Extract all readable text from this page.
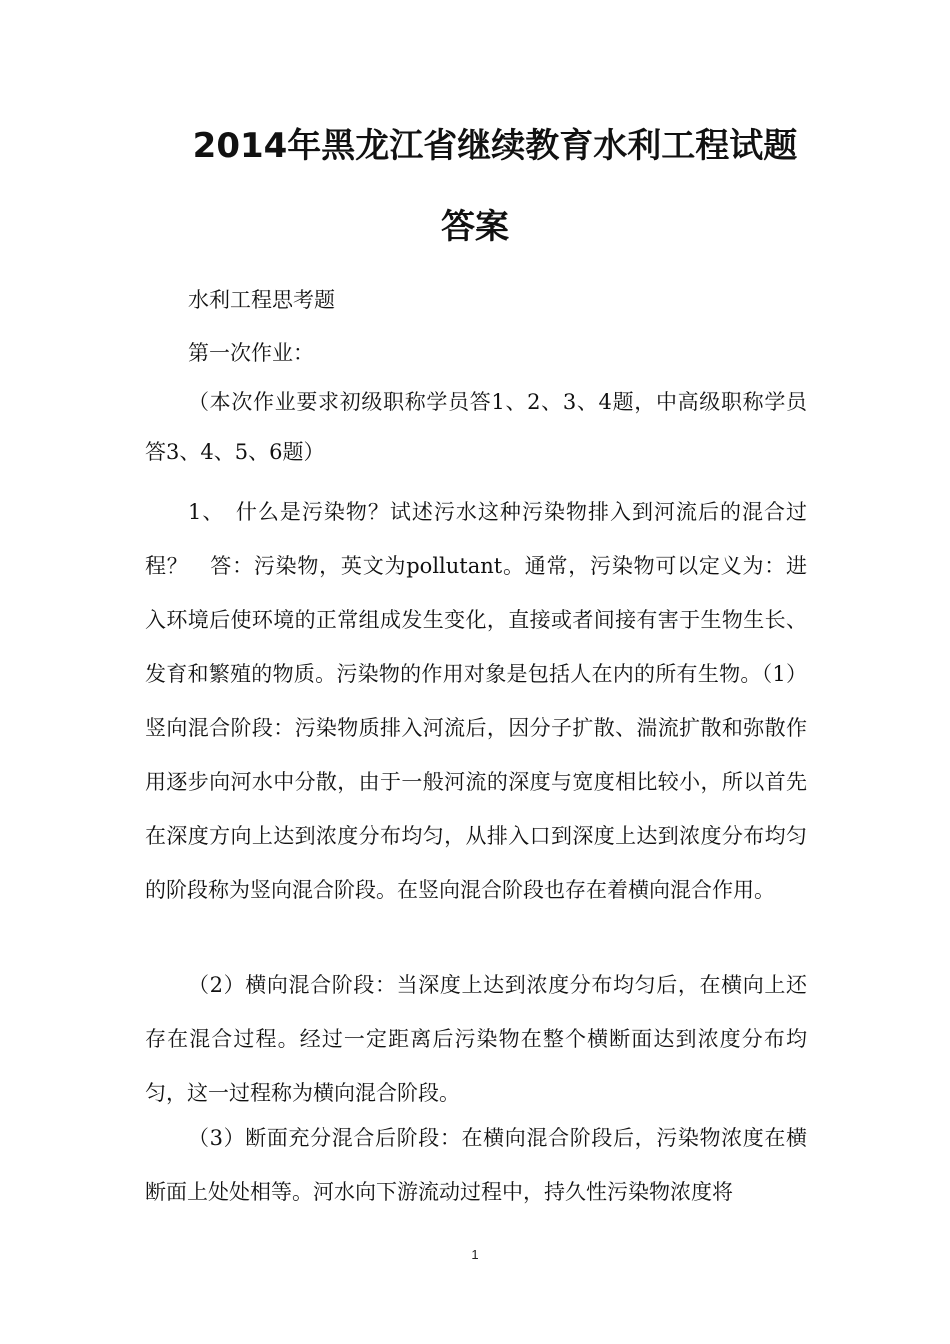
2014年黑龙江省继续教育水利工程试题
答案

水利工程思考题

第一次作业：

（本次作业要求初级职称学员答1、2、3、4题，中高级职称学员答3、4、5、6题）

1、　什么是污染物？试述污水这种污染物排入到河流后的混合过程？　答：污染物，英文为pollutant。通常，污染物可以定义为：进入环境后使环境的正常组成发生变化，直接或者间接有害于生物生长、发育和繁殖的物质。污染物的作用对象是包括人在内的所有生物。（1）竖向混合阶段：污染物质排入河流后，因分子扩散、湍流扩散和弥散作用逐步向河水中分散，由于一般河流的深度与宽度相比较小，所以首先在深度方向上达到浓度分布均匀，从排入口到深度上达到浓度分布均匀的阶段称为竖向混合阶段。在竖向混合阶段也存在着横向混合作用。

（2）横向混合阶段：当深度上达到浓度分布均匀后，在横向上还存在混合过程。经过一定距离后污染物在整个横断面达到浓度分布均匀，这一过程称为横向混合阶段。

（3）断面充分混合后阶段：在横向混合阶段后，污染物浓度在横断面上处处相等。河水向下游流动过程中，持久性污染物浓度将

1
